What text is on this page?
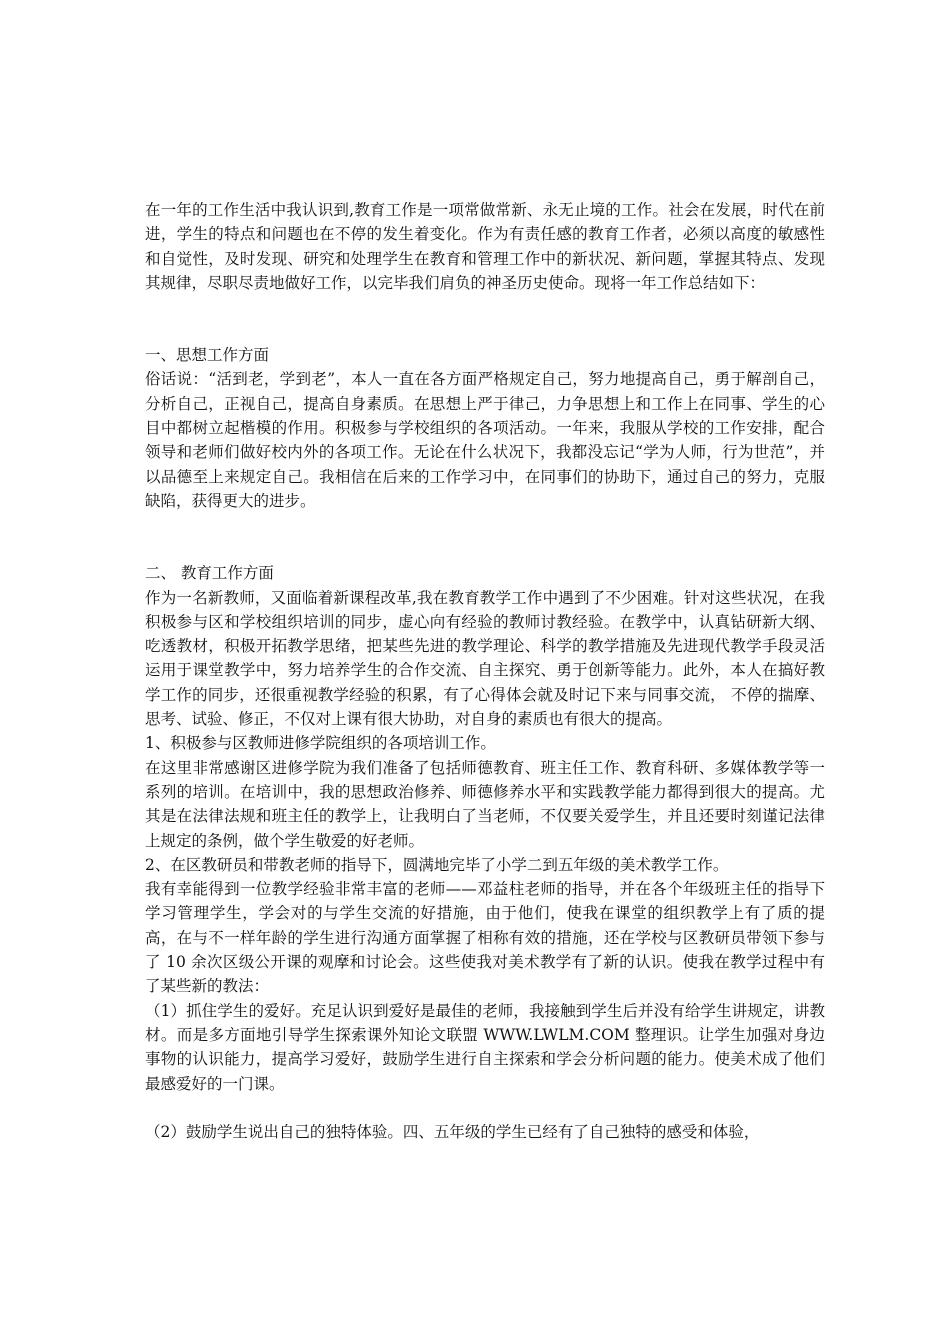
在一年的工作生活中我认识到,教育工作是一项常做常新、永无止境的工作。社会在发展，时代在前进，学生的特点和问题也在不停的发生着变化。作为有责任感的教育工作者，必须以高度的敏感性和自觉性，及时发现、研究和处理学生在教育和管理工作中的新状况、新问题，掌握其特点、发现其规律，尽职尽责地做好工作，以完毕我们肩负的神圣历史使命。现将一年工作总结如下：

一、思想工作方面

俗话说：“活到老，学到老”，本人一直在各方面严格规定自己，努力地提高自己，勇于解剖自己，分析自己，正视自己，提高自身素质。在思想上严于律己，力争思想上和工作上在同事、学生的心目中都树立起楷模的作用。积极参与学校组织的各项活动。一年来，我服从学校的工作安排，配合领导和老师们做好校内外的各项工作。无论在什么状况下，我都没忘记“学为人师，行为世范”，并以品德至上来规定自己。我相信在后来的工作学习中，在同事们的协助下，通过自己的努力，克服缺陷，获得更大的进步。

二、 教育工作方面

作为一名新教师，又面临着新课程改革,我在教育教学工作中遇到了不少困难。针对这些状况，在我积极参与区和学校组织培训的同步，虚心向有经验的教师讨教经验。在教学中，认真钻研新大纲、吃透教材，积极开拓教学思绪，把某些先进的教学理论、科学的教学措施及先进现代教学手段灵活运用于课堂教学中，努力培养学生的合作交流、自主探究、勇于创新等能力。此外，本人在搞好教学工作的同步，还很重视教学经验的积累，有了心得体会就及时记下来与同事交流， 不停的揣摩、思考、试验、修正，不仅对上课有很大协助，对自身的素质也有很大的提高。

1、积极参与区教师进修学院组织的各项培训工作。

在这里非常感谢区进修学院为我们准备了包括师德教育、班主任工作、教育科研、多媒体教学等一系列的培训。在培训中，我的思想政治修养、师德修养水平和实践教学能力都得到很大的提高。尤其是在法律法规和班主任的教学上，让我明白了当老师，不仅要关爱学生，并且还要时刻谨记法律上规定的条例，做个学生敬爱的好老师。

2、在区教研员和带教老师的指导下，圆满地完毕了小学二到五年级的美术教学工作。

我有幸能得到一位教学经验非常丰富的老师——邓益柱老师的指导，并在各个年级班主任的指导下学习管理学生，学会对的与学生交流的好措施，由于他们，使我在课堂的组织教学上有了质的提高，在与不一样年龄的学生进行沟通方面掌握了相称有效的措施，还在学校与区教研员带领下参与了 10 余次区级公开课的观摩和讨论会。这些使我对美术教学有了新的认识。使我在教学过程中有了某些新的教法：

（1）抓住学生的爱好。充足认识到爱好是最佳的老师，我接触到学生后并没有给学生讲规定，讲教材。而是多方面地引导学生探索课外知论文联盟 WWW.LWLM.COM 整理识。让学生加强对身边事物的认识能力，提高学习爱好，鼓励学生进行自主探索和学会分析问题的能力。使美术成了他们最感爱好的一门课。

（2）鼓励学生说出自己的独特体验。四、五年级的学生已经有了自己独特的感受和体验，
